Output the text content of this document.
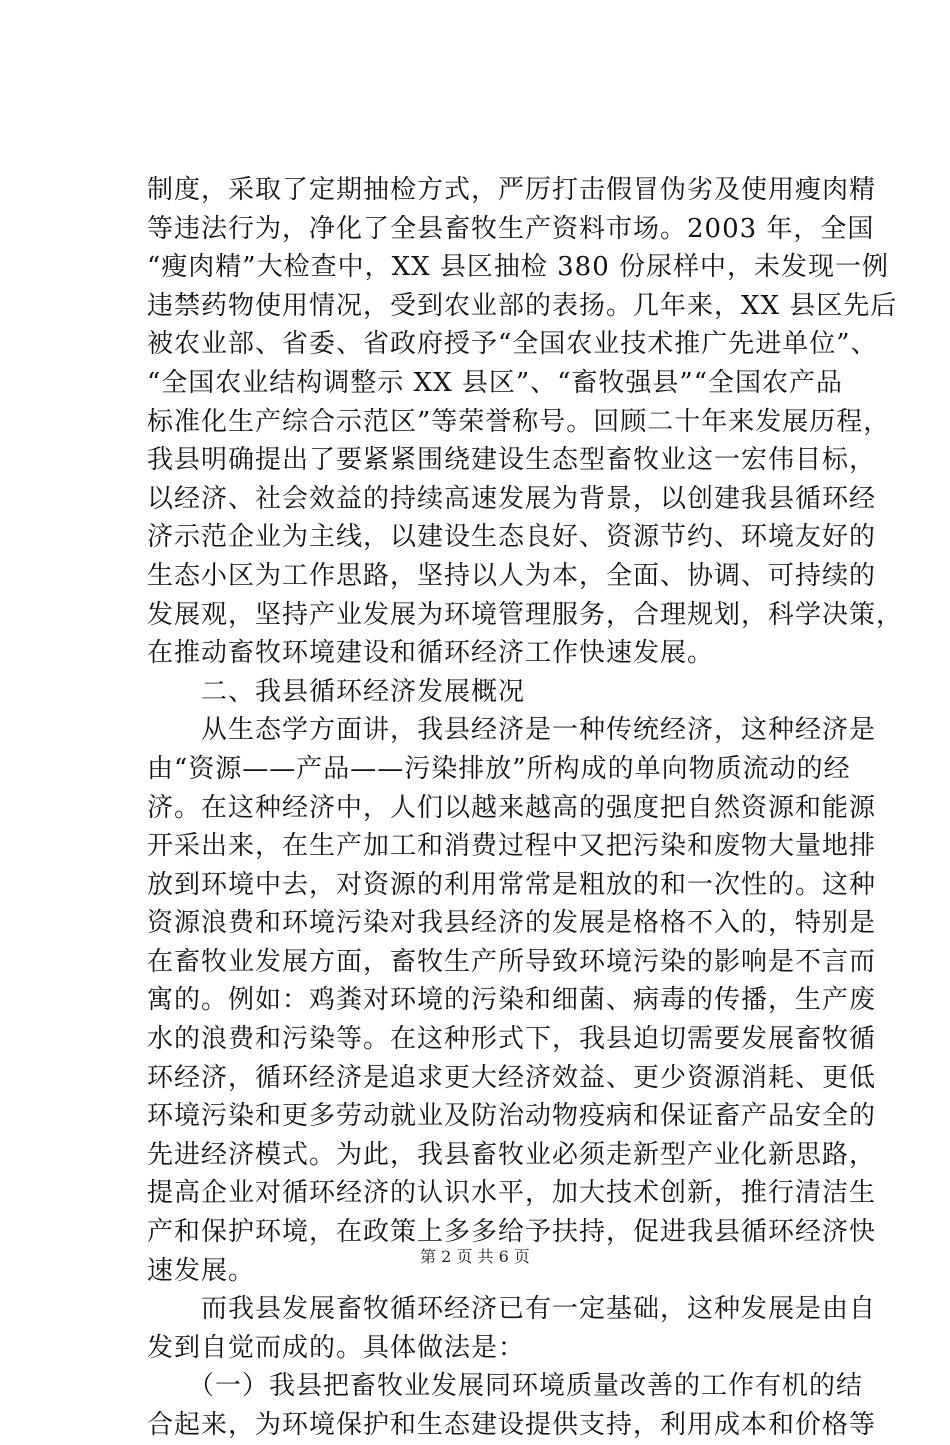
制度，采取了定期抽检方式，严厉打击假冒伪劣及使用瘦肉精
等违法行为，净化了全县畜牧生产资料市场。2003 年，全国
“瘦肉精”大检查中，XX 县区抽检 380 份尿样中，未发现一例
违禁药物使用情况，受到农业部的表扬。几年来，XX 县区先后
被农业部、省委、省政府授予“全国农业技术推广先进单位”、
“全国农业结构调整示 XX 县区”、“畜牧强县”“全国农产品
标准化生产综合示范区”等荣誉称号。回顾二十年来发展历程，
我县明确提出了要紧紧围绕建设生态型畜牧业这一宏伟目标，
以经济、社会效益的持续高速发展为背景，以创建我县循环经
济示范企业为主线，以建设生态良好、资源节约、环境友好的
生态小区为工作思路，坚持以人为本，全面、协调、可持续的
发展观，坚持产业发展为环境管理服务，合理规划，科学决策，
在推动畜牧环境建设和循环经济工作快速发展。
　　二、我县循环经济发展概况
　　从生态学方面讲，我县经济是一种传统经济，这种经济是
由“资源——产品——污染排放”所构成的单向物质流动的经
济。在这种经济中，人们以越来越高的强度把自然资源和能源
开采出来，在生产加工和消费过程中又把污染和废物大量地排
放到环境中去，对资源的利用常常是粗放的和一次性的。这种
资源浪费和环境污染对我县经济的发展是格格不入的，特别是
在畜牧业发展方面，畜牧生产所导致环境污染的影响是不言而
寓的。例如：鸡粪对环境的污染和细菌、病毒的传播，生产废
水的浪费和污染等。在这种形式下，我县迫切需要发展畜牧循
环经济，循环经济是追求更大经济效益、更少资源消耗、更低
环境污染和更多劳动就业及防治动物疫病和保证畜产品安全的
先进经济模式。为此，我县畜牧业必须走新型产业化新思路，
提高企业对循环经济的认识水平，加大技术创新，推行清洁生
产和保护环境，在政策上多多给予扶持，促进我县循环经济快
速发展。
　　而我县发展畜牧循环经济已有一定基础，这种发展是由自
发到自觉而成的。具体做法是：
　　（一）我县把畜牧业发展同环境质量改善的工作有机的结
合起来，为环境保护和生态建设提供支持，利用成本和价格等
第 2 页 共 6 页
